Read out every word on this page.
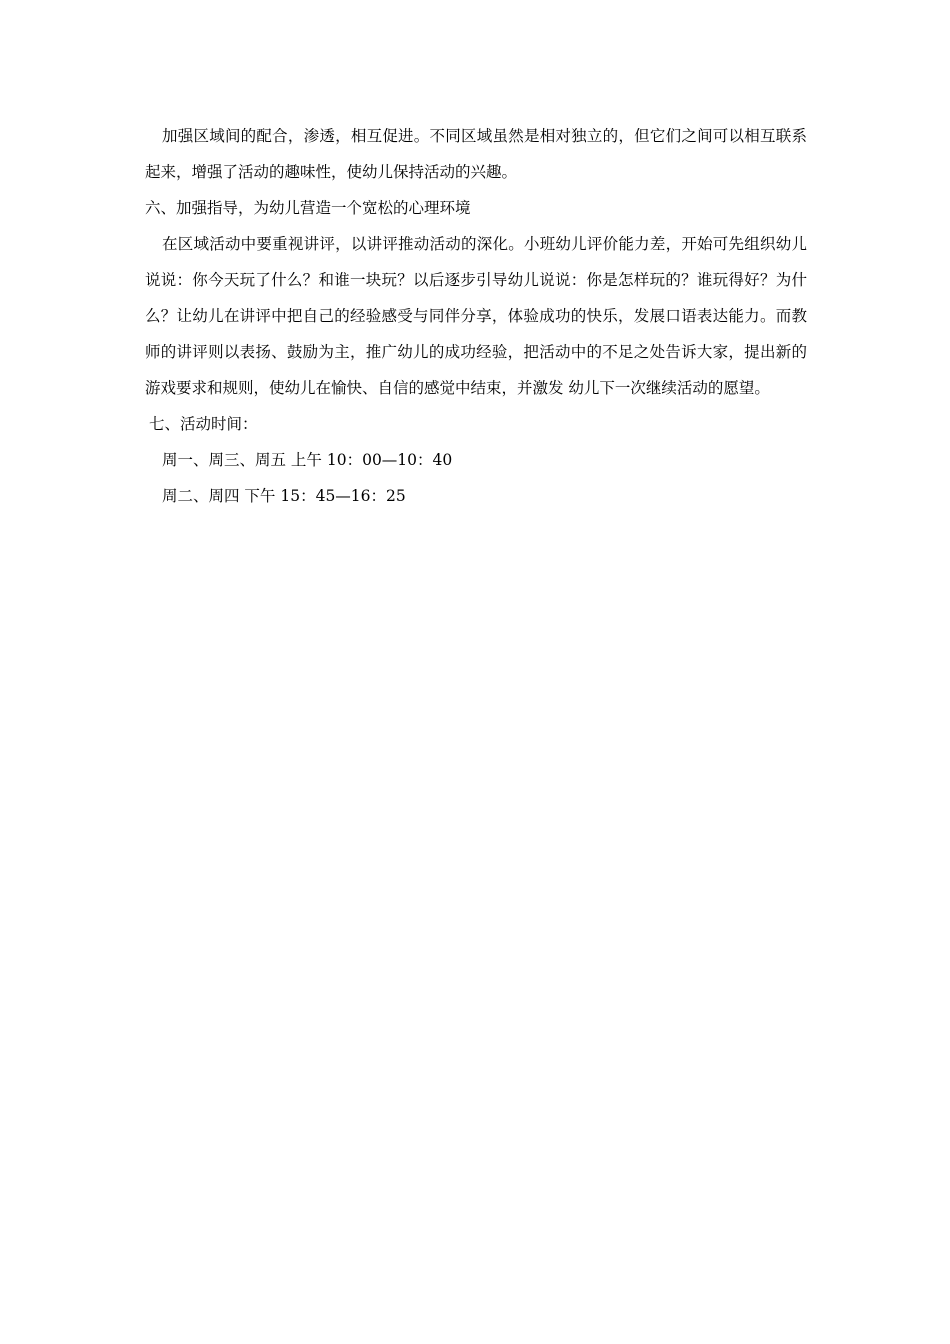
加强区域间的配合，渗透，相互促进。不同区域虽然是相对独立的，但它们之间可以相互联系起来，增强了活动的趣味性，使幼儿保持活动的兴趣。

六、加强指导，为幼儿营造一个宽松的心理环境

在区域活动中要重视讲评，以讲评推动活动的深化。小班幼儿评价能力差，开始可先组织幼儿说说：你今天玩了什么？和谁一块玩？以后逐步引导幼儿说说：你是怎样玩的？谁玩得好？为什么？让幼儿在讲评中把自己的经验感受与同伴分享，体验成功的快乐，发展口语表达能力。而教师的讲评则以表扬、鼓励为主，推广幼儿的成功经验，把活动中的不足之处告诉大家，提出新的游戏要求和规则，使幼儿在愉快、自信的感觉中结束，并激发 幼儿下一次继续活动的愿望。

七、活动时间：

周一、周三、周五 上午 10：00—10：40

周二、周四 下午 15：45—16：25
